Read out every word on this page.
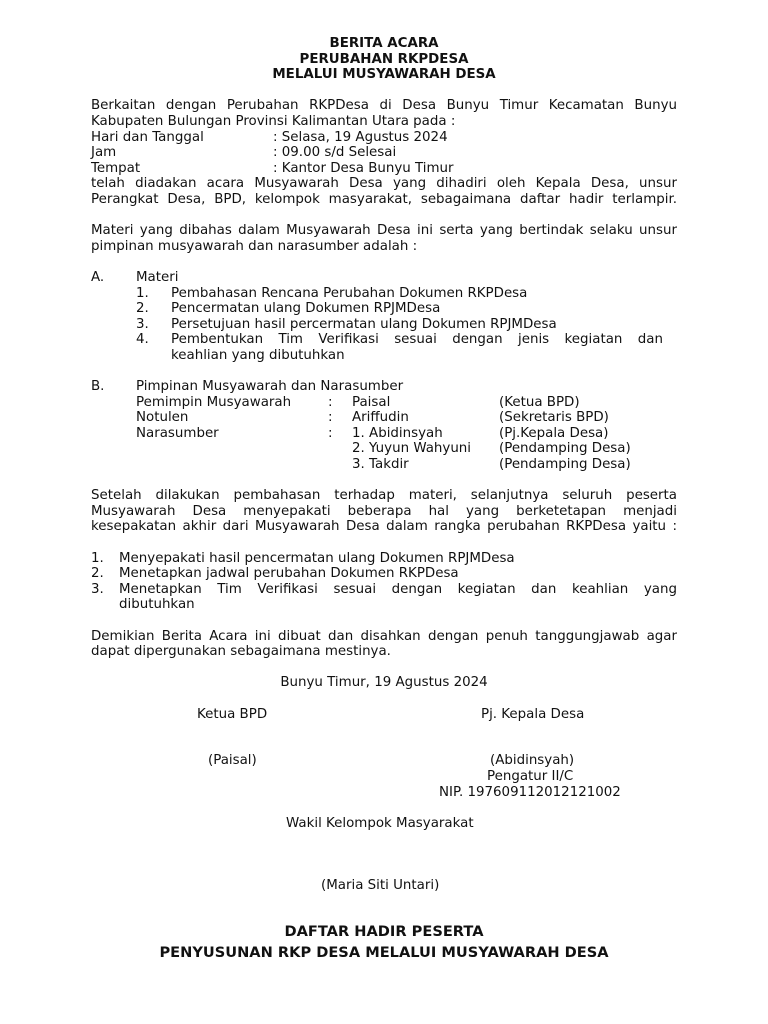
BERITA ACARA
PERUBAHAN RKPDESA
MELALUI MUSYAWARAH DESA
Berkaitan dengan Perubahan RKPDesa di Desa Bunyu Timur Kecamatan Bunyu
Kabupaten Bulungan Provinsi Kalimantan Utara pada :
Hari dan Tanggal	: Selasa, 19 Agustus 2024
Jam	: 09.00 s/d Selesai
Tempat	: Kantor Desa Bunyu Timur
telah diadakan acara Musyawarah Desa yang dihadiri oleh Kepala Desa, unsur
Perangkat Desa, BPD, kelompok masyarakat, sebagaimana daftar hadir terlampir.
Materi yang dibahas dalam Musyawarah Desa ini serta yang bertindak selaku unsur
pimpinan musyawarah dan narasumber adalah :
A.	Materi
1.	Pembahasan Rencana Perubahan Dokumen RKPDesa
2.	Pencermatan ulang Dokumen RPJMDesa
3.	Persetujuan hasil percermatan ulang Dokumen RPJMDesa
4.	Pembentukan Tim Verifikasi sesuai dengan jenis kegiatan dan
keahlian yang dibutuhkan
B.	Pimpinan Musyawarah dan Narasumber
Pemimpin Musyawarah	:	Paisal	(Ketua BPD)
Notulen	:	Ariffudin	(Sekretaris BPD)
Narasumber	:	1. Abidinsyah	(Pj.Kepala Desa)
2. Yuyun Wahyuni	(Pendamping Desa)
3. Takdir	(Pendamping Desa)
Setelah dilakukan pembahasan terhadap materi, selanjutnya seluruh peserta
Musyawarah Desa menyepakati beberapa hal yang berketetapan menjadi
kesepakatan akhir dari Musyawarah Desa dalam rangka perubahan RKPDesa yaitu :
1.	Menyepakati hasil pencermatan ulang Dokumen RPJMDesa
2.	Menetapkan jadwal perubahan Dokumen RKPDesa
3.	Menetapkan Tim Verifikasi sesuai dengan kegiatan dan keahlian yang
dibutuhkan
Demikian Berita Acara ini dibuat dan disahkan dengan penuh tanggungjawab agar
dapat dipergunakan sebagaimana mestinya.
Bunyu Timur, 19 Agustus 2024
Ketua BPD	Pj. Kepala Desa
(Paisal)	(Abidinsyah)
Pengatur II/C
NIP. 197609112012121002
Wakil Kelompok Masyarakat
(Maria Siti Untari)
DAFTAR HADIR PESERTA
PENYUSUNAN RKP DESA MELALUI MUSYAWARAH DESA
